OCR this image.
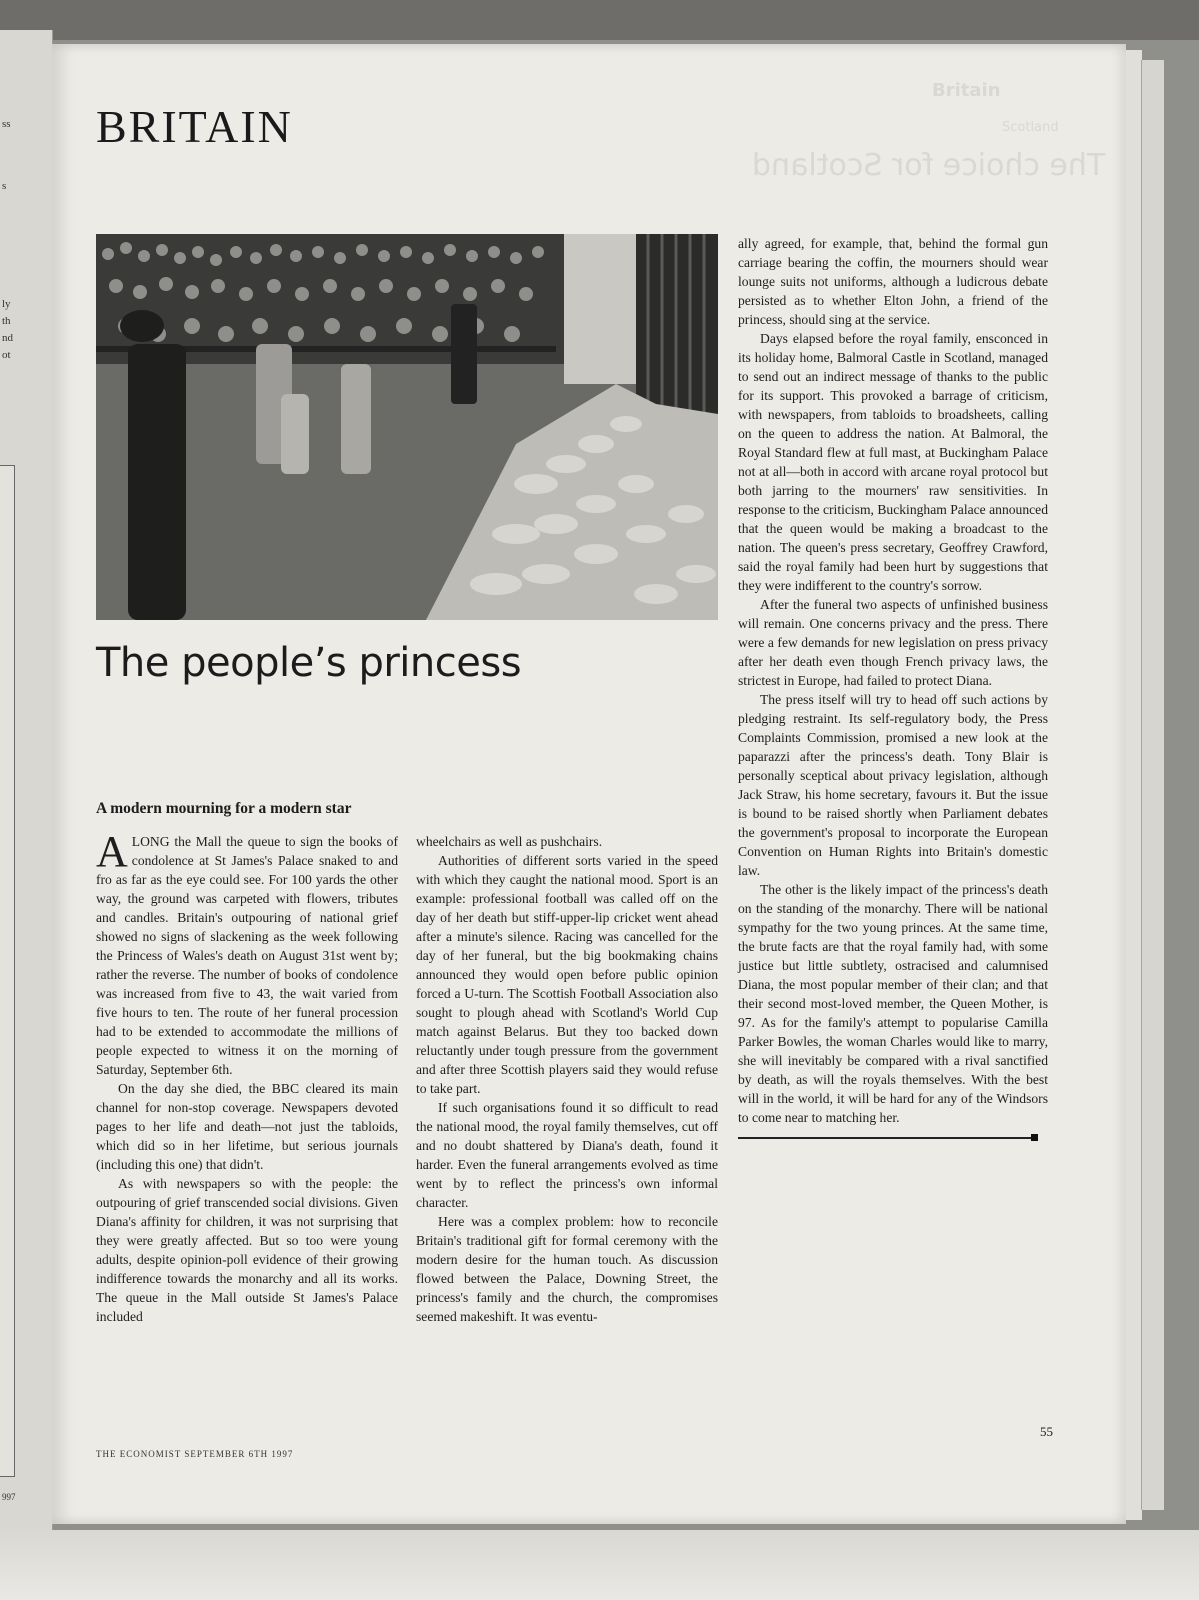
ss
s
ly
th
nd
ot
997
Britain
Scotland
The choice for Scotland
BRITAIN
The people’s princess
A modern mourning for a modern star

ALONG the Mall the queue to sign the books of condolence at St James's Palace snaked to and fro as far as the eye could see. For 100 yards the other way, the ground was carpeted with flowers, tributes and candles. Britain's outpouring of national grief showed no signs of slackening as the week following the Princess of Wales's death on August 31st went by; rather the reverse. The number of books of condolence was increased from five to 43, the wait varied from five hours to ten. The route of her funeral procession had to be extended to accommodate the millions of people expected to witness it on the morning of Saturday, September 6th.

On the day she died, the BBC cleared its main channel for non-stop coverage. Newspapers devoted pages to her life and death—not just the tabloids, which did so in her lifetime, but serious journals (including this one) that didn't.

As with newspapers so with the people: the outpouring of grief transcended social divisions. Given Diana's affinity for children, it was not surprising that they were greatly affected. But so too were young adults, despite opinion-poll evidence of their growing indifference towards the monarchy and all its works. The queue in the Mall outside St James's Palace included

wheelchairs as well as pushchairs.

Authorities of different sorts varied in the speed with which they caught the national mood. Sport is an example: professional football was called off on the day of her death but stiff-upper-lip cricket went ahead after a minute's silence. Racing was cancelled for the day of her funeral, but the big bookmaking chains announced they would open before public opinion forced a U-turn. The Scottish Football Association also sought to plough ahead with Scotland's World Cup match against Belarus. But they too backed down reluctantly under tough pressure from the government and after three Scottish players said they would refuse to take part.

If such organisations found it so difficult to read the national mood, the royal family themselves, cut off and no doubt shattered by Diana's death, found it harder. Even the funeral arrangements evolved as time went by to reflect the princess's own informal character.

Here was a complex problem: how to reconcile Britain's traditional gift for formal ceremony with the modern desire for the human touch. As discussion flowed between the Palace, Downing Street, the princess's family and the church, the compromises seemed makeshift. It was eventu-

ally agreed, for example, that, behind the formal gun carriage bearing the coffin, the mourners should wear lounge suits not uniforms, although a ludicrous debate persisted as to whether Elton John, a friend of the princess, should sing at the service.

Days elapsed before the royal family, ensconced in its holiday home, Balmoral Castle in Scotland, managed to send out an indirect message of thanks to the public for its support. This provoked a barrage of criticism, with newspapers, from tabloids to broadsheets, calling on the queen to address the nation. At Balmoral, the Royal Standard flew at full mast, at Buckingham Palace not at all—both in accord with arcane royal protocol but both jarring to the mourners' raw sensitivities. In response to the criticism, Buckingham Palace announced that the queen would be making a broadcast to the nation. The queen's press secretary, Geoffrey Crawford, said the royal family had been hurt by suggestions that they were indifferent to the country's sorrow.

After the funeral two aspects of unfinished business will remain. One concerns privacy and the press. There were a few demands for new legislation on press privacy after her death even though French privacy laws, the strictest in Europe, had failed to protect Diana.

The press itself will try to head off such actions by pledging restraint. Its self-regulatory body, the Press Complaints Commission, promised a new look at the paparazzi after the princess's death. Tony Blair is personally sceptical about privacy legislation, although Jack Straw, his home secretary, favours it. But the issue is bound to be raised shortly when Parliament debates the government's proposal to incorporate the European Convention on Human Rights into Britain's domestic law.

The other is the likely impact of the princess's death on the standing of the monarchy. There will be national sympathy for the two young princes. At the same time, the brute facts are that the royal family had, with some justice but little subtlety, ostracised and calumnised Diana, the most popular member of their clan; and that their second most-loved member, the Queen Mother, is 97. As for the family's attempt to popularise Camilla Parker Bowles, the woman Charles would like to marry, she will inevitably be compared with a rival sanctified by death, as will the royals themselves. With the best will in the world, it will be hard for any of the Windsors to come near to matching her.

THE ECONOMIST SEPTEMBER 6TH 1997
55
